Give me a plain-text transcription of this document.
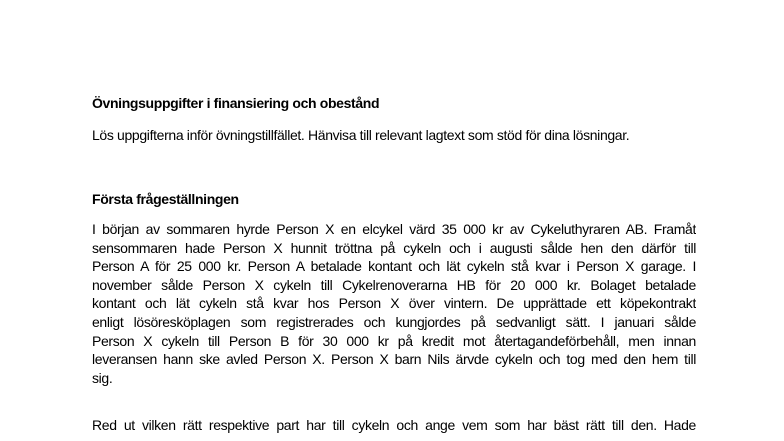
Övningsuppgifter i finansiering och obestånd
Lös uppgifterna inför övningstillfället. Hänvisa till relevant lagtext som stöd för dina lösningar.
Första frågeställningen
I början av sommaren hyrde Person X en elcykel värd 35 000 kr av Cykeluthyraren AB. Framåt
sensommaren hade Person X hunnit tröttna på cykeln och i augusti sålde hen den därför till
Person A för 25 000 kr. Person A betalade kontant och lät cykeln stå kvar i Person X garage. I
november sålde Person X cykeln till Cykelrenoverarna HB för 20 000 kr. Bolaget betalade
kontant och lät cykeln stå kvar hos Person X över vintern. De upprättade ett köpekontrakt
enligt lösöresköplagen som registrerades och kungjordes på sedvanligt sätt. I januari sålde
Person X cykeln till Person B för 30 000 kr på kredit mot återtagandeförbehåll, men innan
leveransen hann ske avled Person X. Person X barn Nils ärvde cykeln och tog med den hem till
sig.
Red ut vilken rätt respektive part har till cykeln och ange vem som har bäst rätt till den. Hade
